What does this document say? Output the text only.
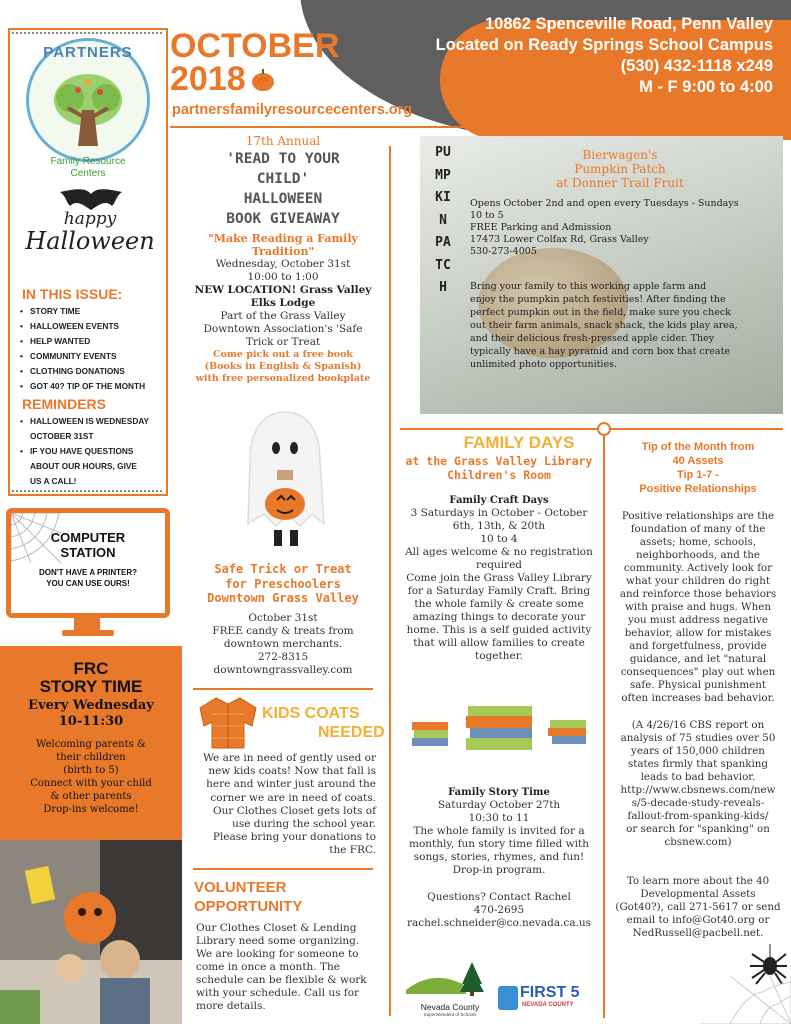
10862 Spenceville Road, Penn Valley
Located on Ready Springs School Campus
(530) 432-1118 x249
M - F 9:00 to 4:00
OCTOBER
2018
partnersfamilyresourcecenters.org
PARTNERS
Family Resource
Centers
happy
Halloween
IN THIS ISSUE:
• STORY TIME
• HALLOWEEN EVENTS
• HELP WANTED
• COMMUNITY EVENTS
• CLOTHING DONATIONS
• GOT 40? TIP OF THE MONTH
REMINDERS
• HALLOWEEN IS WEDNESDAY OCTOBER 31ST
• IF YOU HAVE QUESTIONS ABOUT OUR HOURS, GIVE US A CALL!
COMPUTER
STATION
DON'T HAVE A PRINTER?
YOU CAN USE OURS!
FRC
STORY TIME
Every Wednesday
10-11:30
Welcoming parents &
their children
(birth to 5)
Connect with your child
& other parents
Drop-ins welcome!
17th Annual
'READ TO YOUR
CHILD'
HALLOWEEN
BOOK GIVEAWAY
"Make Reading a Family
Tradition"
Wednesday, October 31st
10:00 to 1:00
NEW LOCATION! Grass Valley
Elks Lodge
Part of the Grass Valley
Downtown Association's 'Safe
Trick or Treat
Come pick out a free book
(Books in English & Spanish)
with free personalized bookplate
Safe Trick or Treat
for Preschoolers
Downtown Grass Valley
October 31st
FREE candy & treats from
downtown merchants.
272-8315
downtowngrassvalley.com
KIDS COATS
NEEDED
We are in need of gently used or
new kids coats! Now that fall is
here and winter just around the
corner we are in need of coats.
Our Clothes Closet gets lots of
use during the school year.
Please bring your donations to
the FRC.
VOLUNTEER
OPPORTUNITY
Our Clothes Closet & Lending
Library need some organizing.
We are looking for someone to
come in once a month. The
schedule can be flexible & work
with your schedule. Call us for
more details.
PUMPKIN PATCH
Bierwagen's
Pumpkin Patch
at Donner Trail Fruit
Opens October 2nd and open every Tuesdays - Sundays
10 to 5
FREE Parking and Admission
17473 Lower Colfax Rd, Grass Valley
530-273-4005
Bring your family to this working apple farm and
enjoy the pumpkin patch festivities! After finding the
perfect pumpkin out in the field, make sure you check
out their farm animals, snack shack, the kids play area,
and their delicious fresh-pressed apple cider. They
typically have a hay pyramid and corn box that create
unlimited photo opportunities.
FAMILY DAYS
at the Grass Valley Library
Children's Room
Family Craft Days
3 Saturdays in October - October
6th, 13th, & 20th
10 to 4
All ages welcome & no registration
required
Come join the Grass Valley Library
for a Saturday Family Craft. Bring
the whole family & create some
amazing things to decorate your
home. This is a self guided activity
that will allow families to create
together.
Family Story Time
Saturday October 27th
10:30 to 11
The whole family is invited for a
monthly, fun story time filled with
songs, stories, rhymes, and fun!
Drop-in program.
Questions? Contact Rachel
470-2695
rachel.schneider@co.nevada.ca.us
Nevada County
Superintendent of Schools
FIRST 5
NEVADA COUNTY
Tip of the Month from
40 Assets
Tip 1-7 -
Positive Relationships
Positive relationships are the
foundation of many of the
assets; home, schools,
neighborhoods, and the
community. Actively look for
what your children do right
and reinforce those behaviors
with praise and hugs. When
you must address negative
behavior, allow for mistakes
and forgetfulness, provide
guidance, and let "natural
consequences" play out when
safe. Physical punishment
often increases bad behavior.
(A 4/26/16 CBS report on
analysis of 75 studies over 50
years of 150,000 children
states firmly that spanking
leads to bad behavior.
http://www.cbsnews.com/new
s/5-decade-study-reveals-
fallout-from-spanking-kids/
or search for "spanking" on
cbsnew.com)
To learn more about the 40
Developmental Assets
(Got40?), call 271-5617 or send
email to info@Got40.org or
NedRussell@pacbell.net.
